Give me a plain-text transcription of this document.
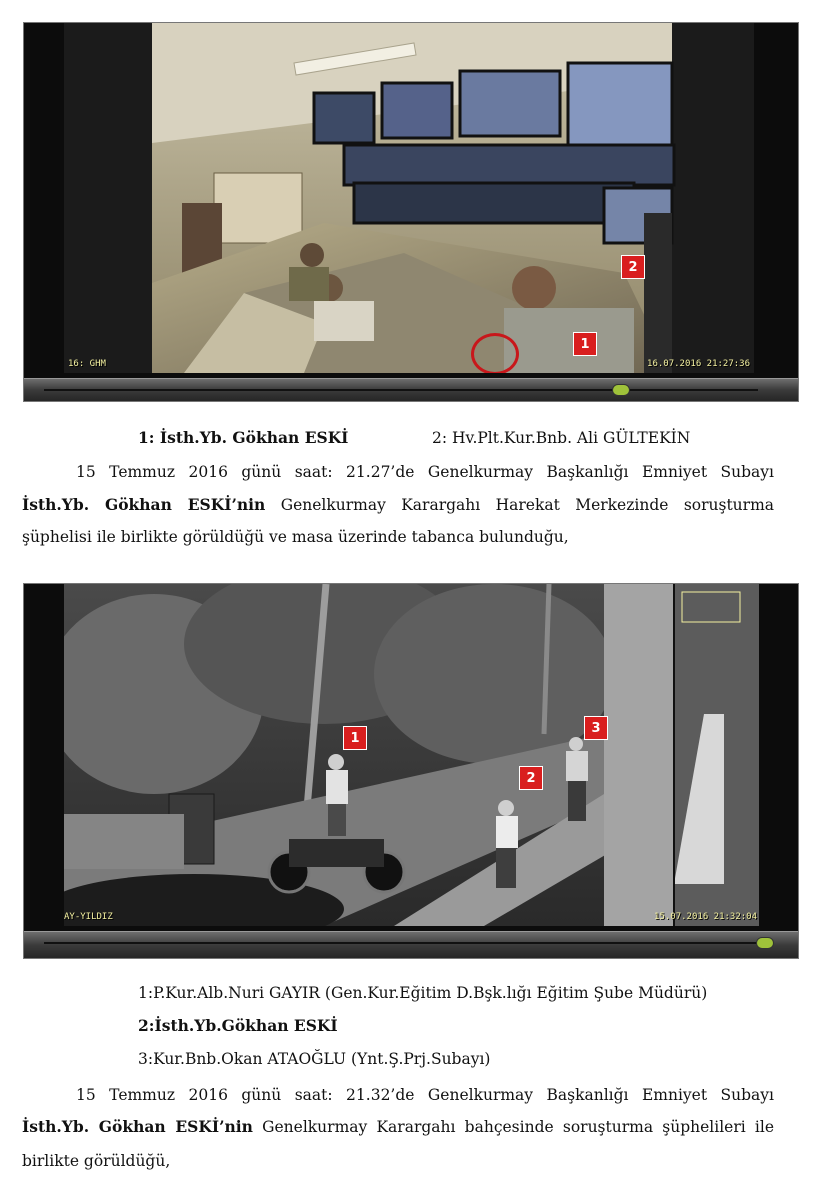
1
2
16: GHM	16.07.2016 21:27:36
1: İsth.Yb. Gökhan ESKİ	2: Hv.Plt.Kur.Bnb. Ali GÜLTEKİN
15 Temmuz 2016 günü saat: 21.27’de Genelkurmay Başkanlığı Emniyet Subayı
İsth.Yb. Gökhan ESKİ’nin Genelkurmay Karargahı Harekat Merkezinde soruşturma
şüphelisi ile birlikte görüldüğü ve masa üzerinde tabanca bulunduğu,
1
2
3
AY-YILDIZ	15.07.2016 21:32:04
1:P.Kur.Alb.Nuri GAYIR (Gen.Kur.Eğitim D.Bşk.lığı Eğitim Şube Müdürü)
2:İsth.Yb.Gökhan ESKİ
3:Kur.Bnb.Okan ATAOĞLU (Ynt.Ş.Prj.Subayı)
15 Temmuz 2016 günü saat: 21.32’de Genelkurmay Başkanlığı Emniyet Subayı
İsth.Yb. Gökhan ESKİ’nin Genelkurmay Karargahı bahçesinde soruşturma şüphelileri ile
birlikte görüldüğü,
